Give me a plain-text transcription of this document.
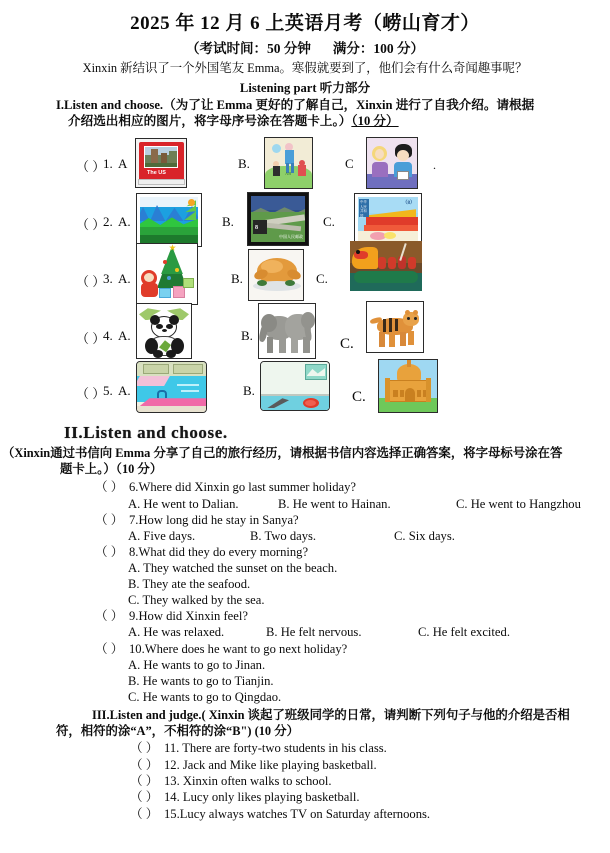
2025 年 12 月 6 上英语月考（崂山育才）
（考试时间：50 分钟 满分：100 分）
Xinxin 新结识了一个外国笔友 Emma。寒假就要到了，他们会有什么奇闻趣事呢？
Listening part 听力部分
I.Listen and choose.（为了让 Emma 更好的了解自己，Xinxin 进行了自我介绍。请根据
介绍选出相应的图片，将字母序号涂在答题卡上。）（10 分）
（ ）
1. A
The US
B.
AB
C	.
（ ）
2. A.	B.	8
中国人民邮政
C.
中华
人民
共和
国
（8）
（ ）
3. A.	B.	C.
（ ）
4. A.	B.
C.
（ ）
5. A.	B.	C.
II.Listen and choose.
（Xinxin通过书信向 Emma 分享了自己的旅行经历，请根据书信内容选择正确答案，将字母标号涂在答
题卡上。）（10 分）
（ ） 6.Where did Xinxin go last summer holiday?
A. He went to Dalian.	B. He went to Hainan.	C. He went to Hangzhou
（ ） 7.How long did he stay in Sanya?
A. Five days.	B. Two days.	C. Six days.
（ ） 8.What did they do every morning?
A. They watched the sunset on the beach.
B. They ate the seafood.
C. They walked by the sea.
（ ） 9.How did Xinxin feel?
A. He was relaxed.	B. He felt nervous.	C. He felt excited.
（ ） 10.Where does he want to go next holiday?
A. He wants to go to Jinan.
B. He wants to go to Tianjin.
C. He wants to go to Qingdao.
III.Listen and judge.( Xinxin 谈起了班级同学的日常，请判断下列句子与他的介绍是否相
符，相符的涂“A”，不相符的涂“B") (10 分）
（ ） 11. There are forty-two students in his class.
（ ） 12. Jack and Mike like playing basketball.
（ ） 13. Xinxin often walks to school.
（ ） 14. Lucy only likes playing basketball.
（ ） 15.Lucy always watches TV on Saturday afternoons.
